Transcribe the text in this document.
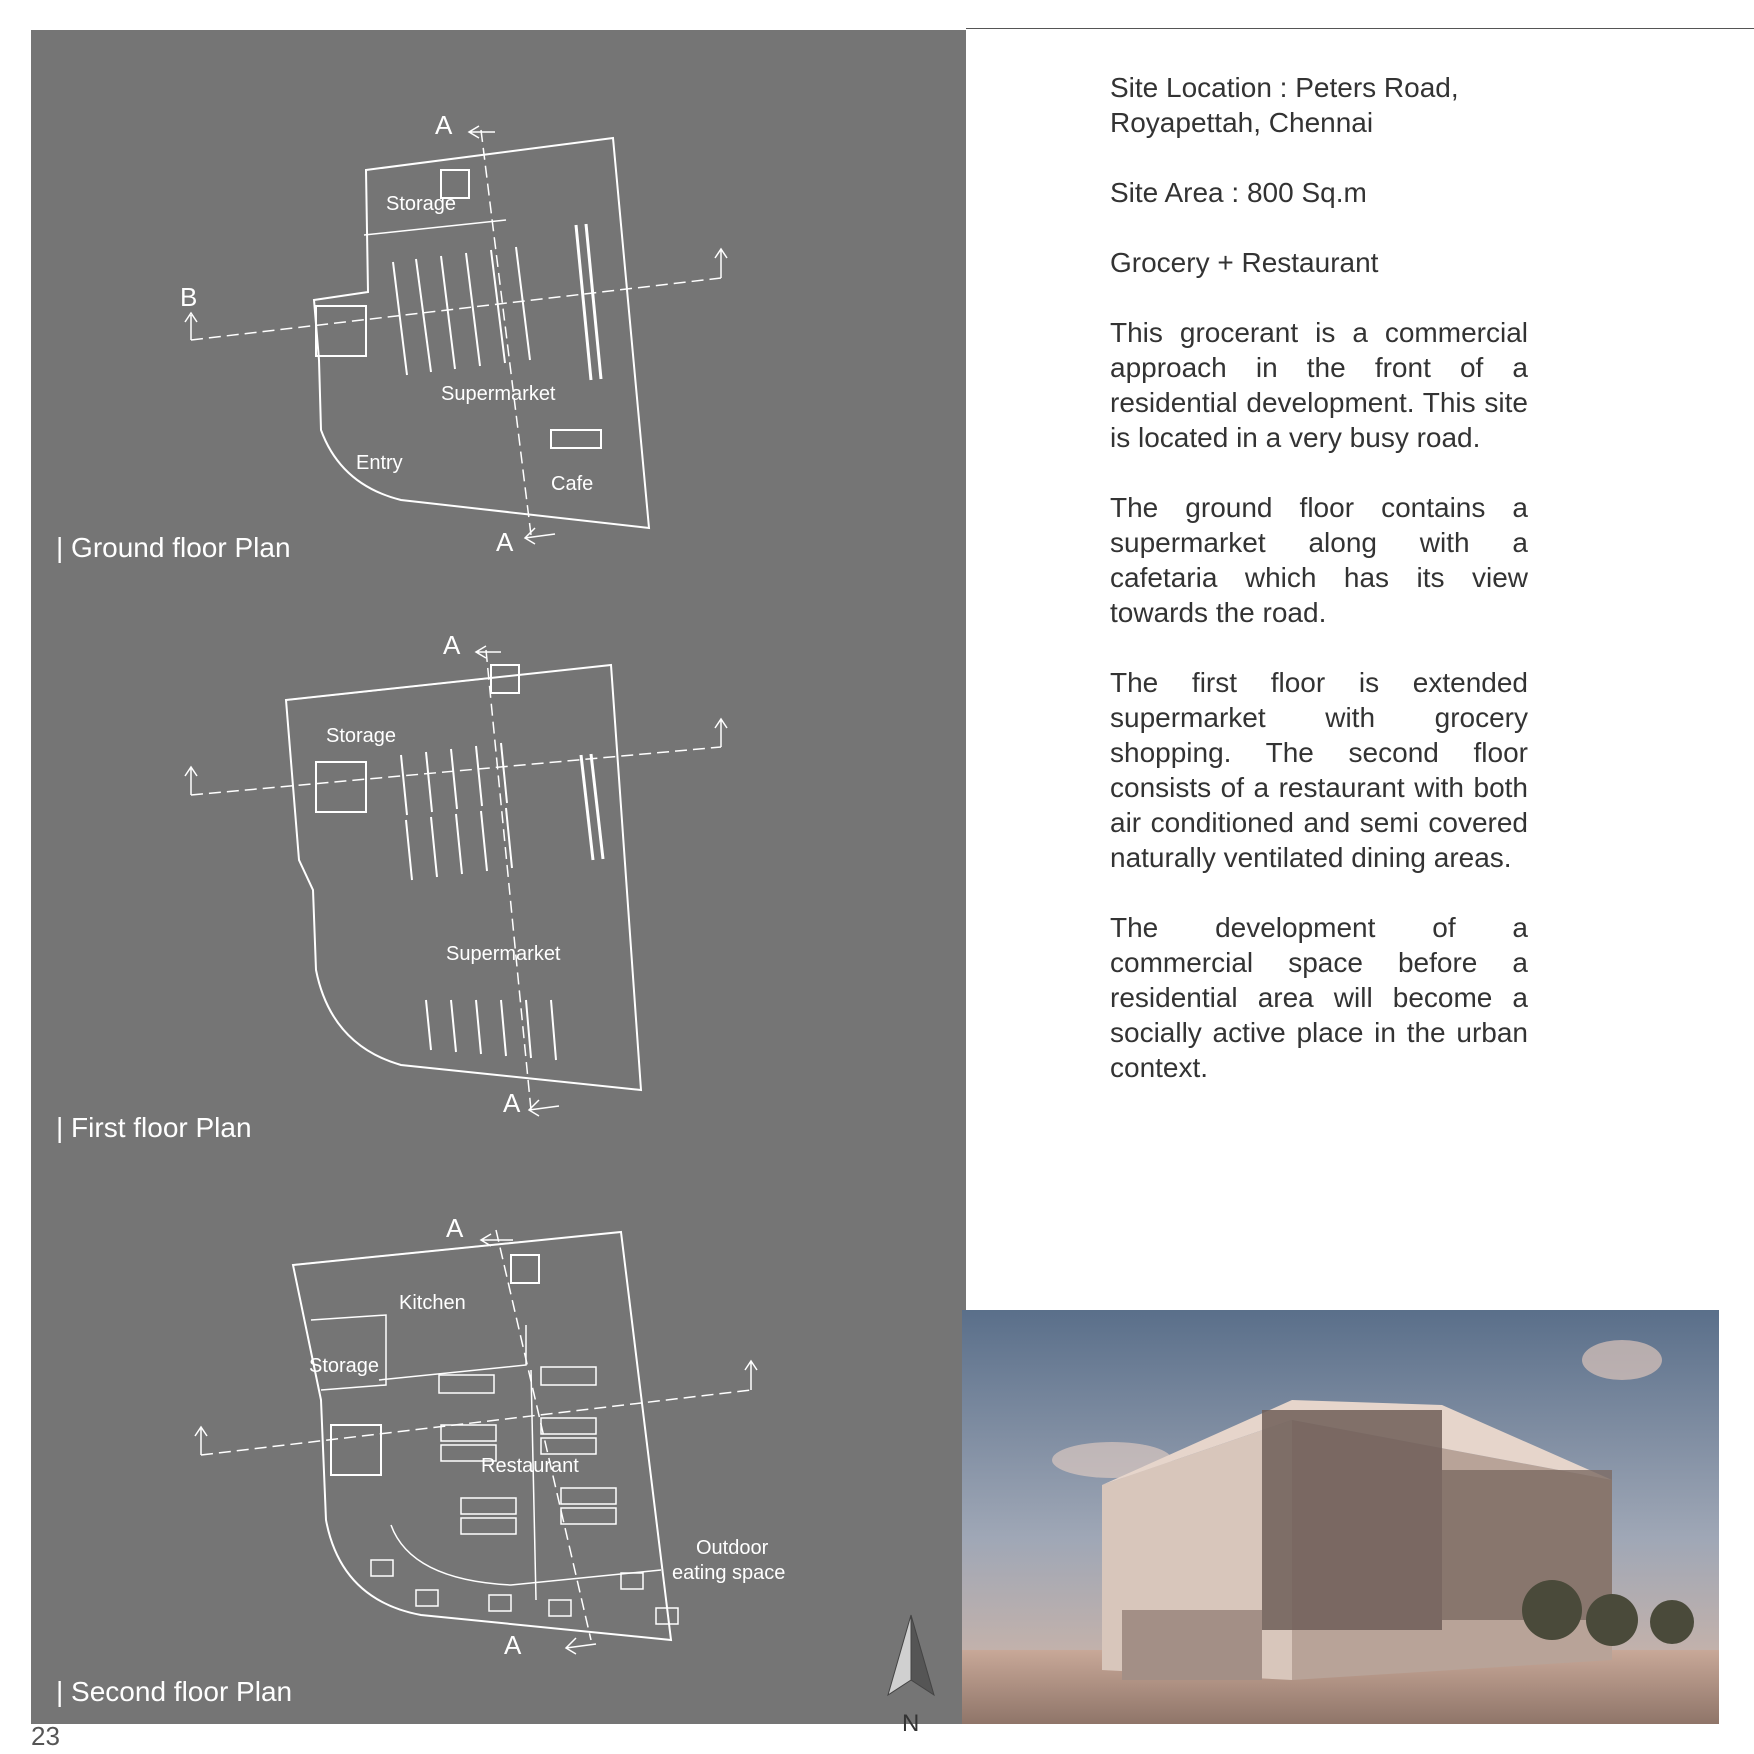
A
A
B
Storage
Supermarket
Entry
Cafe
| Ground floor Plan
A
A
Storage
Supermarket
| First floor Plan
A
A
Kitchen
Storage
Restaurant
Outdoor
eating space
| Second floor Plan
N

Site Location : Peters Road, Royapettah, Chennai

Site Area : 800 Sq.m

Grocery + Restaurant

This grocerant is a commercial approach in the front of a residential development. This site is located in a very busy road.

The ground floor contains a supermarket along with a cafetaria which has its view towards the road.

The first floor is extended supermarket with grocery shopping. The second floor consists of a restaurant with both air conditioned and semi covered naturally ventilated dining areas.

The development of a commercial space before a residential area will become a socially active place in the urban context.

23
